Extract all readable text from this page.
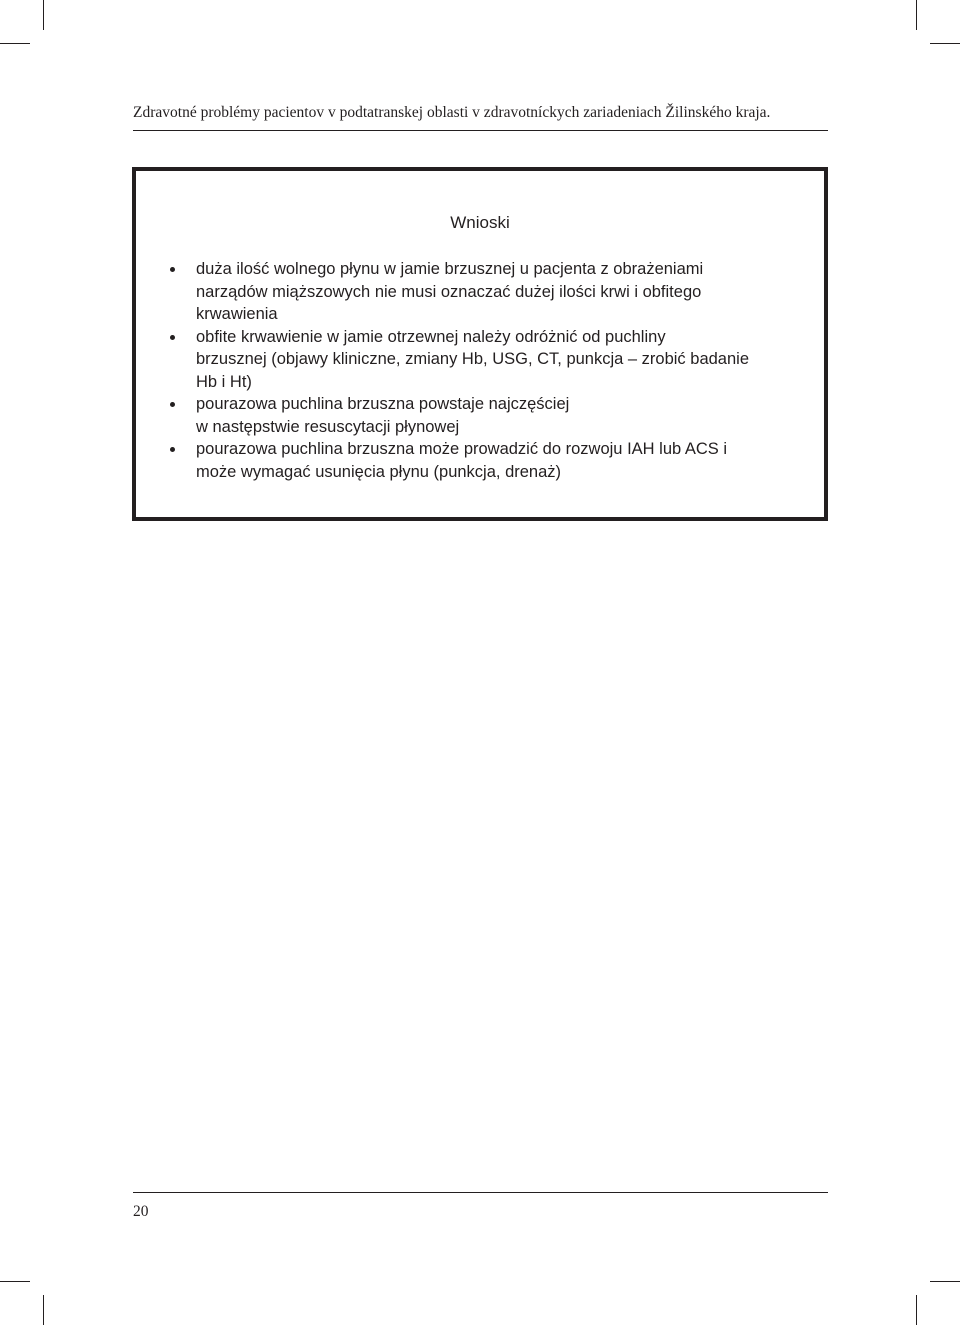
Zdravotné problémy pacientov v podtatranskej oblasti v zdravotníckych zariadeniach Žilinského kraja.
Wnioski
duża ilość wolnego płynu w jamie brzusznej u pacjenta z obrażeniami
narządów miąższowych nie musi oznaczać dużej ilości krwi i obfitego
krwawienia
obfite krwawienie w jamie otrzewnej należy odróżnić od puchliny
brzusznej (objawy kliniczne, zmiany Hb, USG, CT, punkcja – zrobić badanie
Hb i Ht)
pourazowa puchlina brzuszna powstaje najczęściej
w następstwie resuscytacji płynowej
pourazowa puchlina brzuszna może prowadzić do rozwoju IAH lub ACS i
może wymagać usunięcia płynu (punkcja, drenaż)
20
